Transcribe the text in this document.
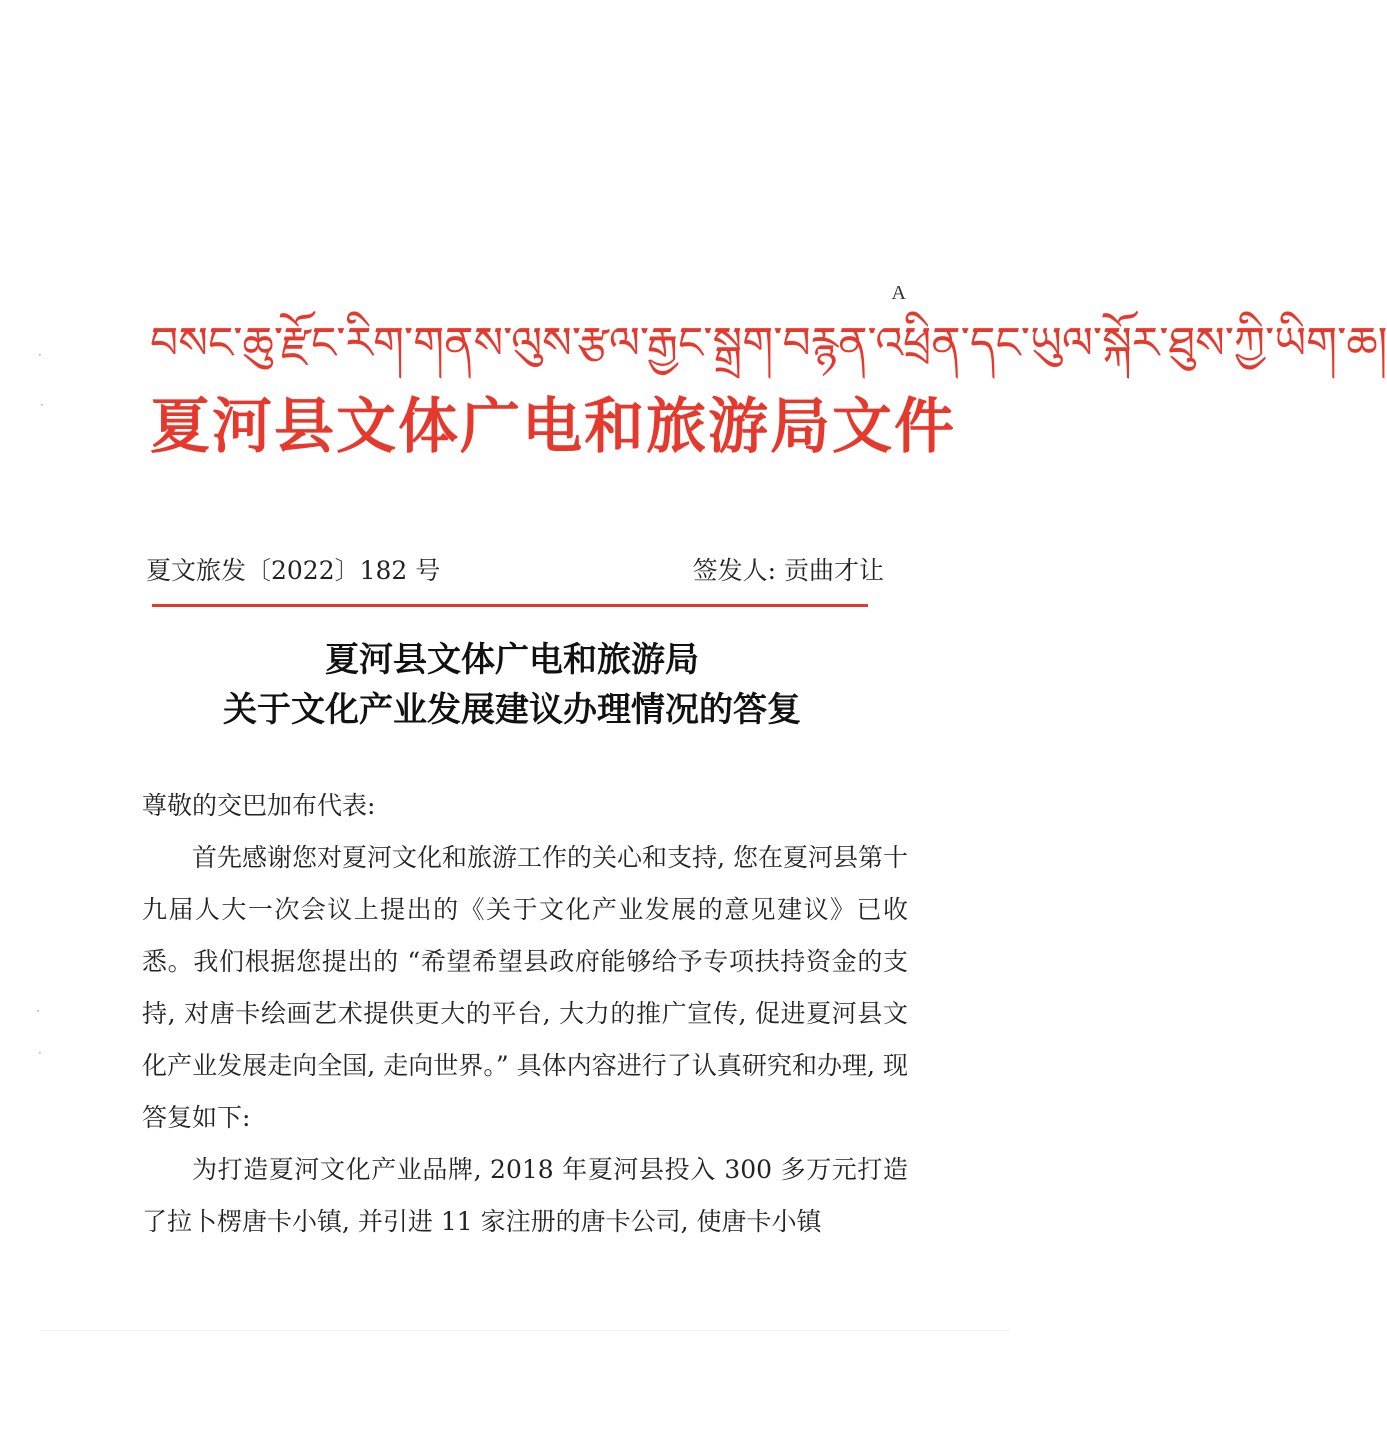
A
·
·
·
·
བསང་ཆུ་རྫོང་རིག་གནས་ལུས་རྩལ་རྒྱང་སྒྲག་བརྙན་འཕྲིན་དང་ཡུལ་སྐོར་ཐུས་ཀྱི་ཡིག་ཆ།
夏河县文体广电和旅游局文件
夏文旅发〔2022〕182 号	签发人: 贡曲才让
夏河县文体广电和旅游局
关于文化产业发展建议办理情况的答复

尊敬的交巴加布代表:

首先感谢您对夏河文化和旅游工作的关心和支持, 您在夏河县第十九届人大一次会议上提出的《关于文化产业发展的意见建议》已收悉。我们根据您提出的 “希望希望县政府能够给予专项扶持资金的支持, 对唐卡绘画艺术提供更大的平台, 大力的推广宣传, 促进夏河县文化产业发展走向全国, 走向世界。” 具体内容进行了认真研究和办理, 现答复如下:

为打造夏河文化产业品牌, 2018 年夏河县投入 300 多万元打造了拉卜楞唐卡小镇, 并引进 11 家注册的唐卡公司, 使唐卡小镇
